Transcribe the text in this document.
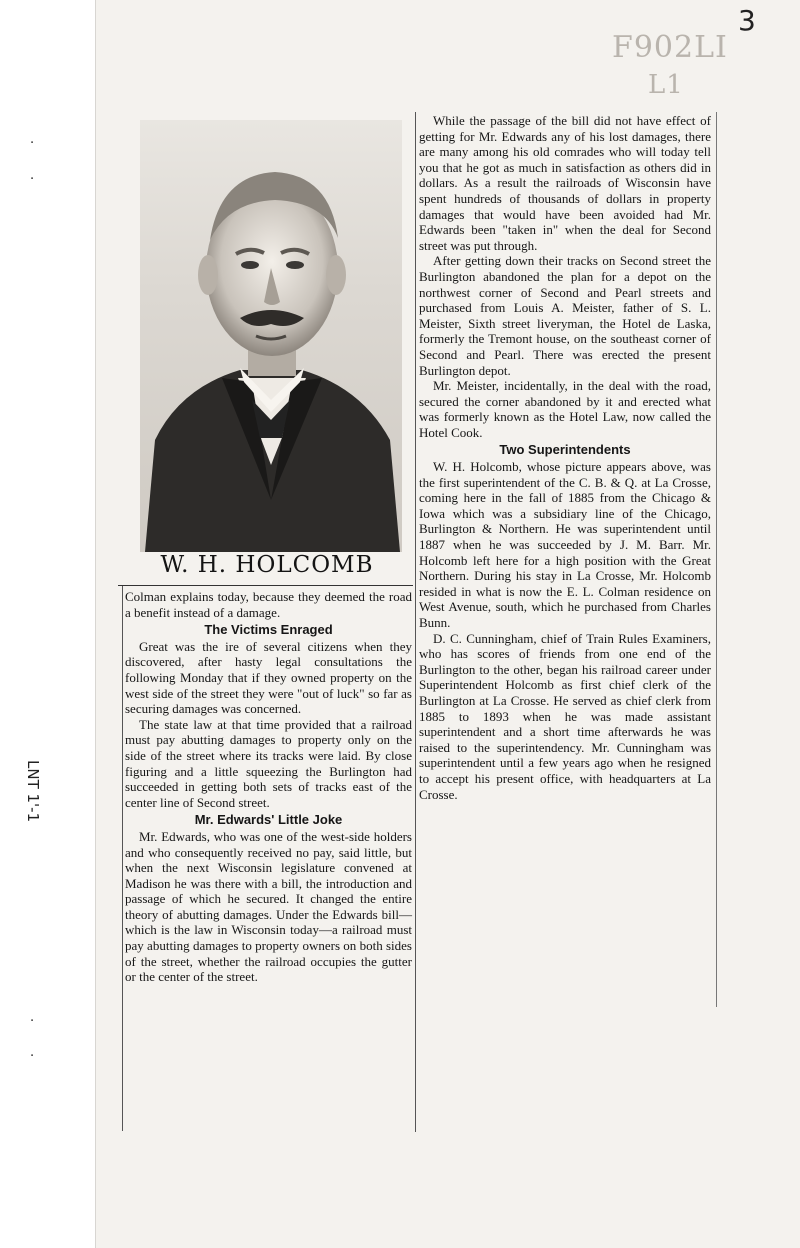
3
F902LI
L1
.
.
LNT 1'-1
.
.
W. H. HOLCOMB

Colman explains today, because they deemed the road a benefit instead of a damage.

The Victims Enraged

Great was the ire of several citizens when they discovered, after hasty legal consultations the following Monday that if they owned property on the west side of the street they were "out of luck" so far as securing damages was concerned.

The state law at that time provided that a railroad must pay abutting damages to property only on the side of the street where its tracks were laid. By close figuring and a little squeezing the Burlington had succeeded in getting both sets of tracks east of the center line of Second street.

Mr. Edwards' Little Joke

Mr. Edwards, who was one of the west-side holders and who consequently received no pay, said little, but when the next Wisconsin legislature convened at Madison he was there with a bill, the introduction and passage of which he secured. It changed the entire theory of abutting damages. Under the Edwards bill—which is the law in Wisconsin today—a railroad must pay abutting damages to property owners on both sides of the street, whether the railroad occupies the gutter or the center of the street.

While the passage of the bill did not have effect of getting for Mr. Edwards any of his lost damages, there are many among his old comrades who will today tell you that he got as much in satisfaction as others did in dollars. As a result the railroads of Wisconsin have spent hundreds of thousands of dollars in property damages that would have been avoided had Mr. Edwards been "taken in" when the deal for Second street was put through.

After getting down their tracks on Second street the Burlington abandoned the plan for a depot on the northwest corner of Second and Pearl streets and purchased from Louis A. Meister, father of S. L. Meister, Sixth street liveryman, the Hotel de Laska, formerly the Tremont house, on the southeast corner of Second and Pearl. There was erected the present Burlington depot.

Mr. Meister, incidentally, in the deal with the road, secured the corner abandoned by it and erected what was formerly known as the Hotel Law, now called the Hotel Cook.

Two Superintendents

W. H. Holcomb, whose picture appears above, was the first superintendent of the C. B. & Q. at La Crosse, coming here in the fall of 1885 from the Chicago & Iowa which was a subsidiary line of the Chicago, Burlington & Northern. He was superintendent until 1887 when he was succeeded by J. M. Barr. Mr. Holcomb left here for a high position with the Great Northern. During his stay in La Crosse, Mr. Holcomb resided in what is now the E. L. Colman residence on West Avenue, south, which he purchased from Charles Bunn.

D. C. Cunningham, chief of Train Rules Examiners, who has scores of friends from one end of the Burlington to the other, began his railroad career under Superintendent Holcomb as first chief clerk of the Burlington at La Crosse. He served as chief clerk from 1885 to 1893 when he was made assistant superintendent and a short time afterwards he was raised to the superintendency. Mr. Cunningham was superintendent until a few years ago when he resigned to accept his present office, with headquarters at La Crosse.
